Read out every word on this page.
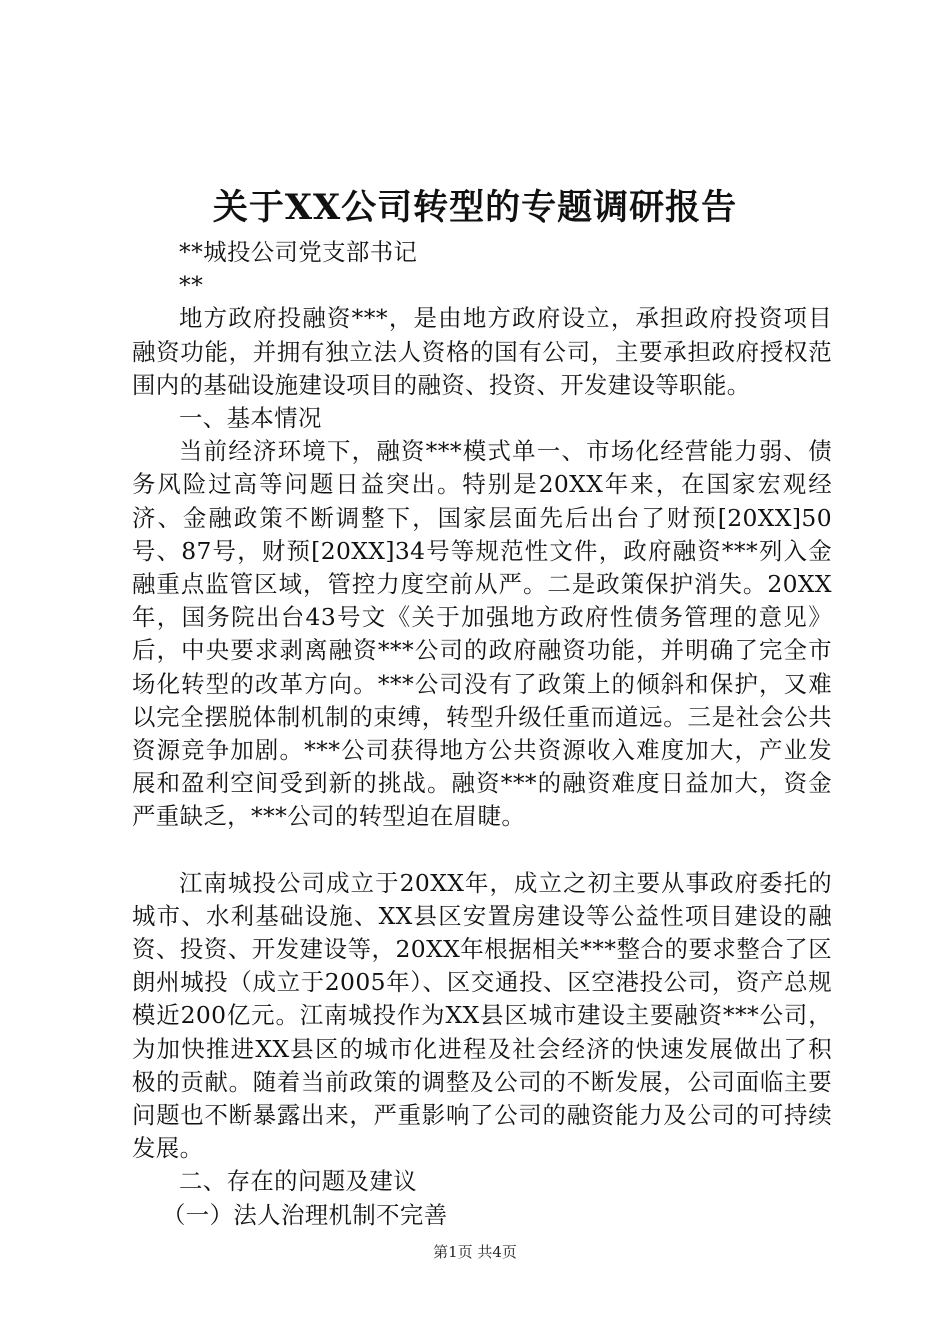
关于XX公司转型的专题调研报告

**城投公司党支部书记

**

地方政府投融资***，是由地方政府设立，承担政府投资项目融资功能，并拥有独立法人资格的国有公司，主要承担政府授权范围内的基础设施建设项目的融资、投资、开发建设等职能。

一、基本情况

当前经济环境下，融资***模式单一、市场化经营能力弱、债务风险过高等问题日益突出。特别是20XX年来，在国家宏观经济、金融政策不断调整下，国家层面先后出台了财预[20XX]50号、87号，财预[20XX]34号等规范性文件，政府融资***列入金融重点监管区域，管控力度空前从严。二是政策保护消失。20XX年，国务院出台43号文《关于加强地方政府性债务管理的意见》后，中央要求剥离融资***公司的政府融资功能，并明确了完全市场化转型的改革方向。***公司没有了政策上的倾斜和保护，又难以完全摆脱体制机制的束缚，转型升级任重而道远。三是社会公共资源竞争加剧。***公司获得地方公共资源收入难度加大，产业发展和盈利空间受到新的挑战。融资***的融资难度日益加大，资金严重缺乏，***公司的转型迫在眉睫。

江南城投公司成立于20XX年，成立之初主要从事政府委托的城市、水利基础设施、XX县区安置房建设等公益性项目建设的融资、投资、开发建设等，20XX年根据相关***整合的要求整合了区朗州城投（成立于2005年）、区交通投、区空港投公司，资产总规模近200亿元。江南城投作为XX县区城市建设主要融资***公司，为加快推进XX县区的城市化进程及社会经济的快速发展做出了积极的贡献。随着当前政策的调整及公司的不断发展，公司面临主要问题也不断暴露出来，严重影响了公司的融资能力及公司的可持续发展。

二、存在的问题及建议

（一）法人治理机制不完善

第1页 共4页
